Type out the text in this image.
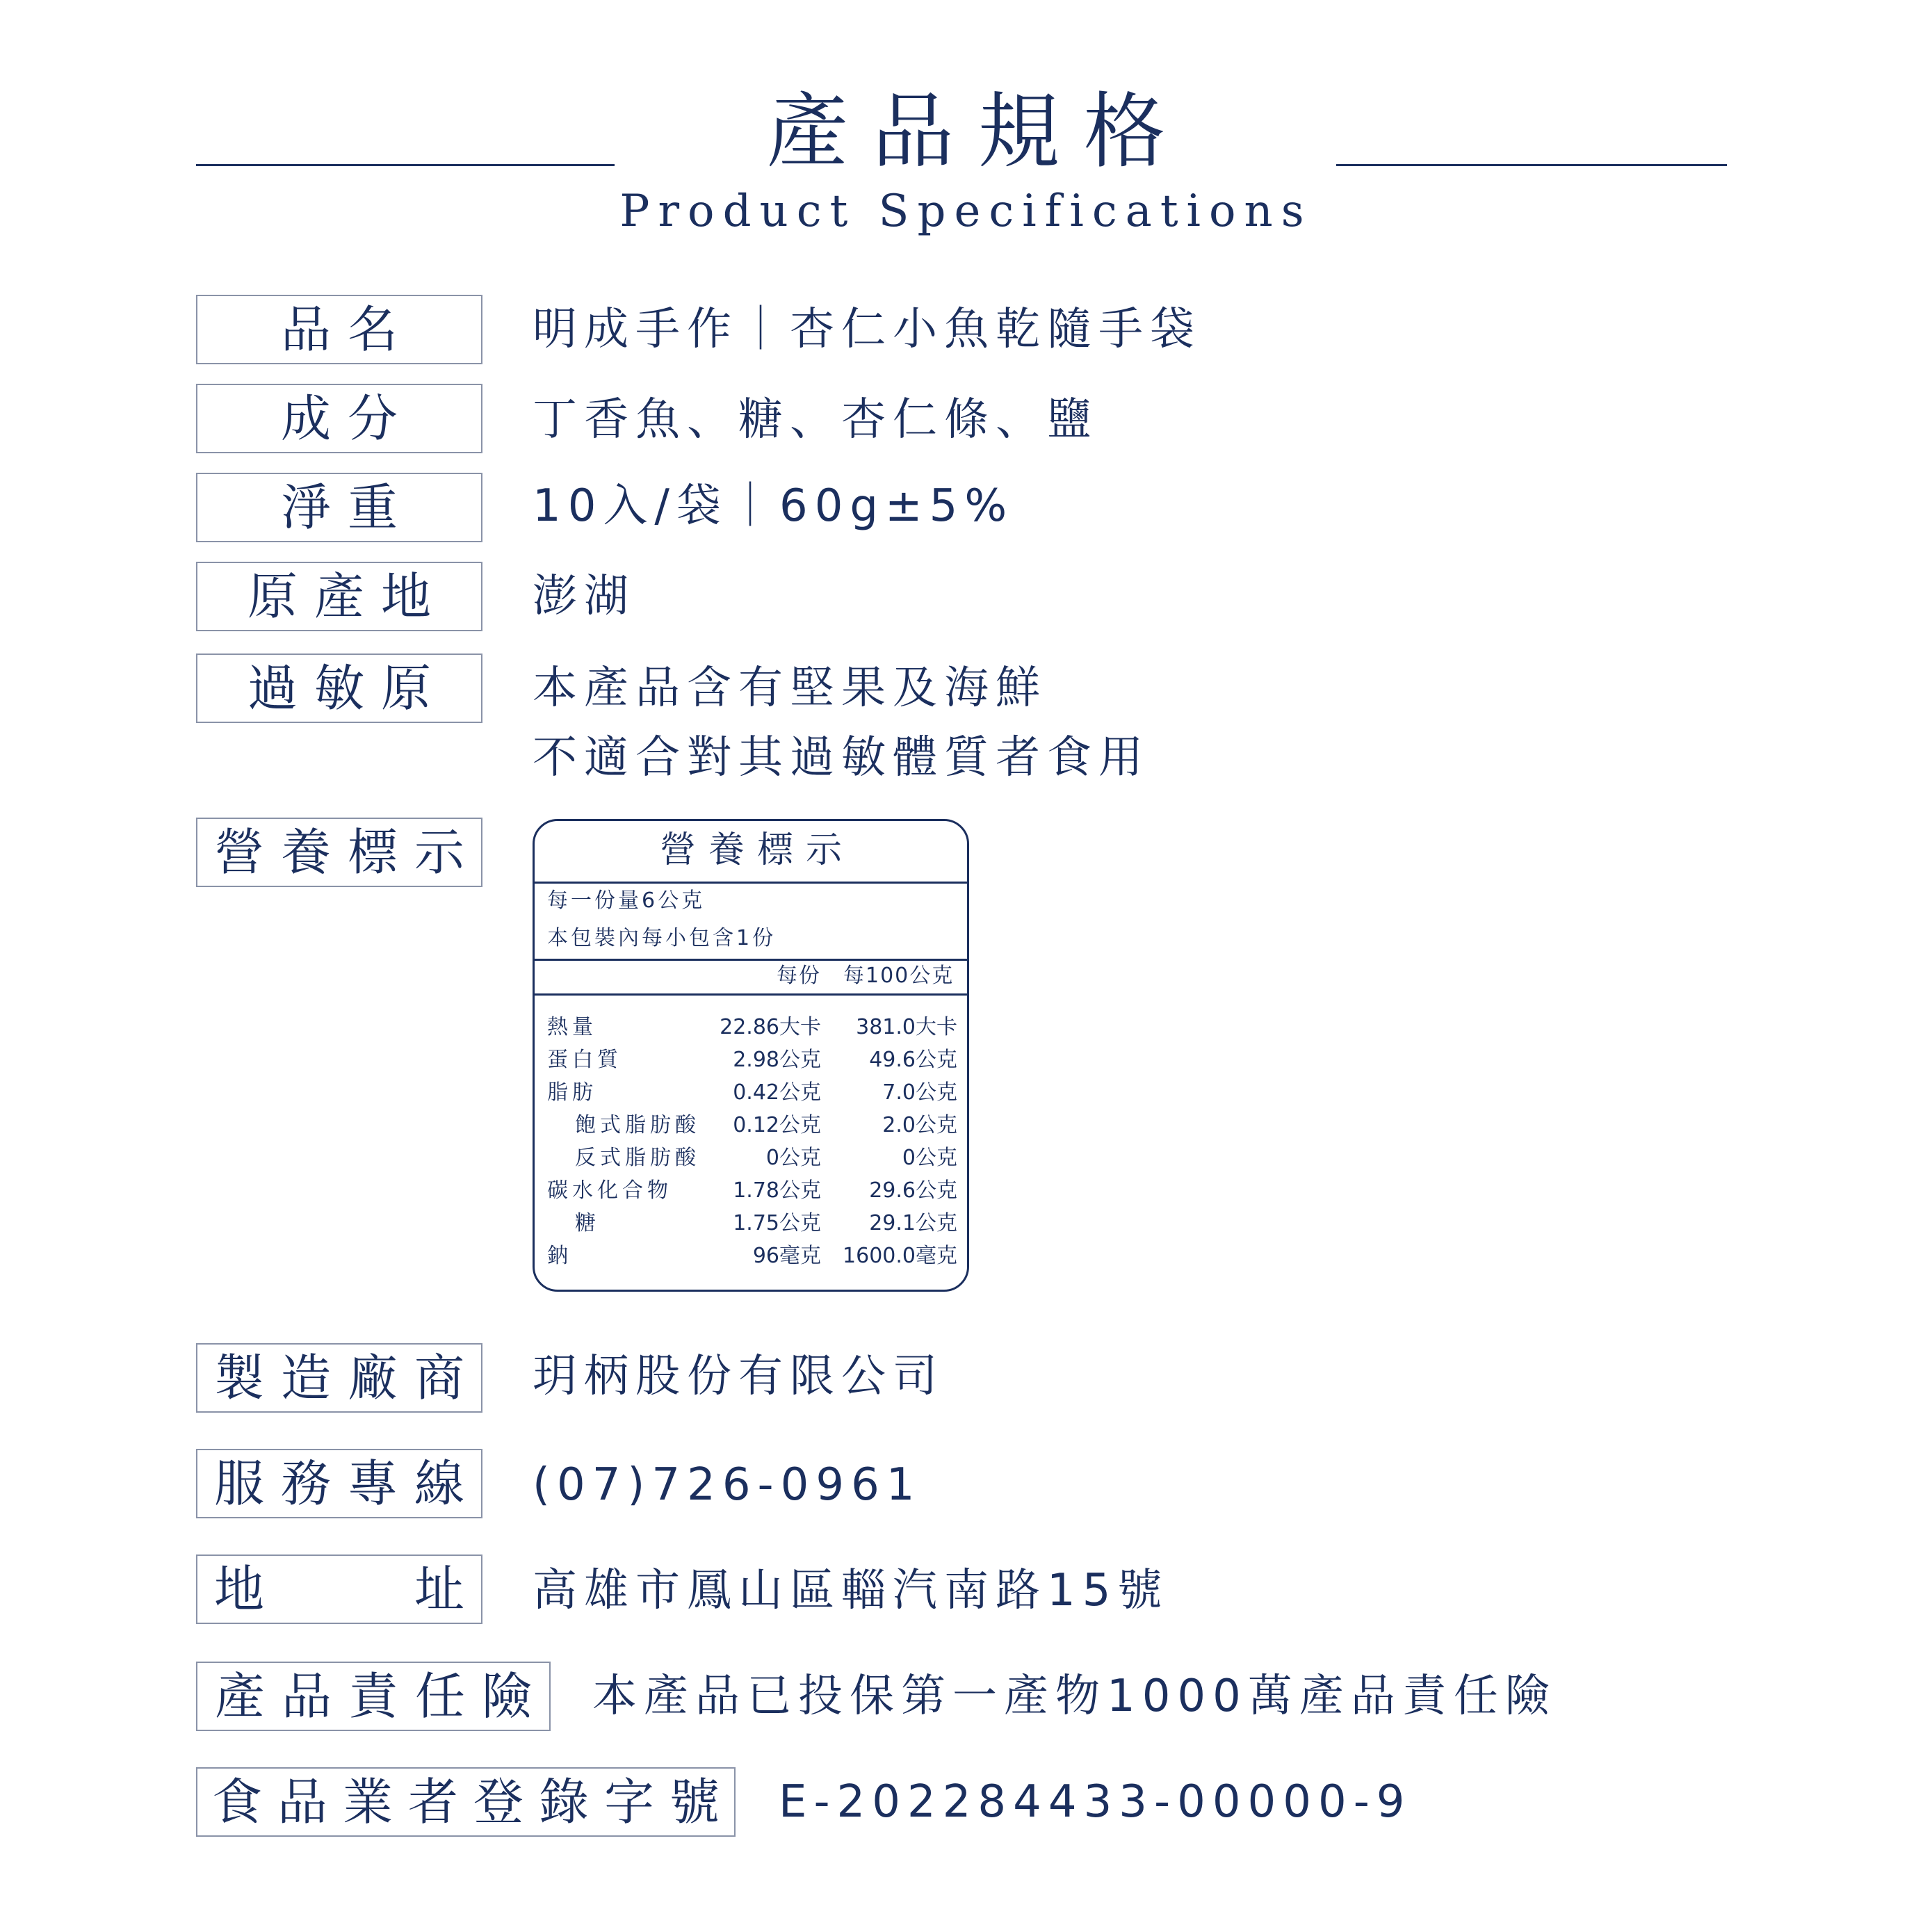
產品規格
Product Specifications
品名	明成手作｜杏仁小魚乾隨手袋
成分	丁香魚、糖、杏仁條、鹽
淨重	10入/袋｜60g±5%
原產地	澎湖
過敏原	本產品含有堅果及海鮮
不適合對其過敏體質者食用
營養標示	營養標示
每一份量6公克
本包裝內每小包含1份
每份 每100公克
熱量	22.86大卡 381.0大卡
蛋白質	2.98公克 49.6公克
脂肪	0.42公克	7.0公克
飽式脂肪酸 0.12公克	2.0公克
反式脂肪酸	0公克	0公克
碳水化合物	1.78公克 29.6公克
糖	1.75公克 29.1公克
鈉	96毫克 1600.0毫克
製造廠商 玥柄股份有限公司
服務專線 (07)726-0961
地	址 高雄市鳳山區輜汽南路15號
產品責任險 本產品已投保第一產物1000萬產品責任險
食品業者登錄字號 E-202284433-00000-9
